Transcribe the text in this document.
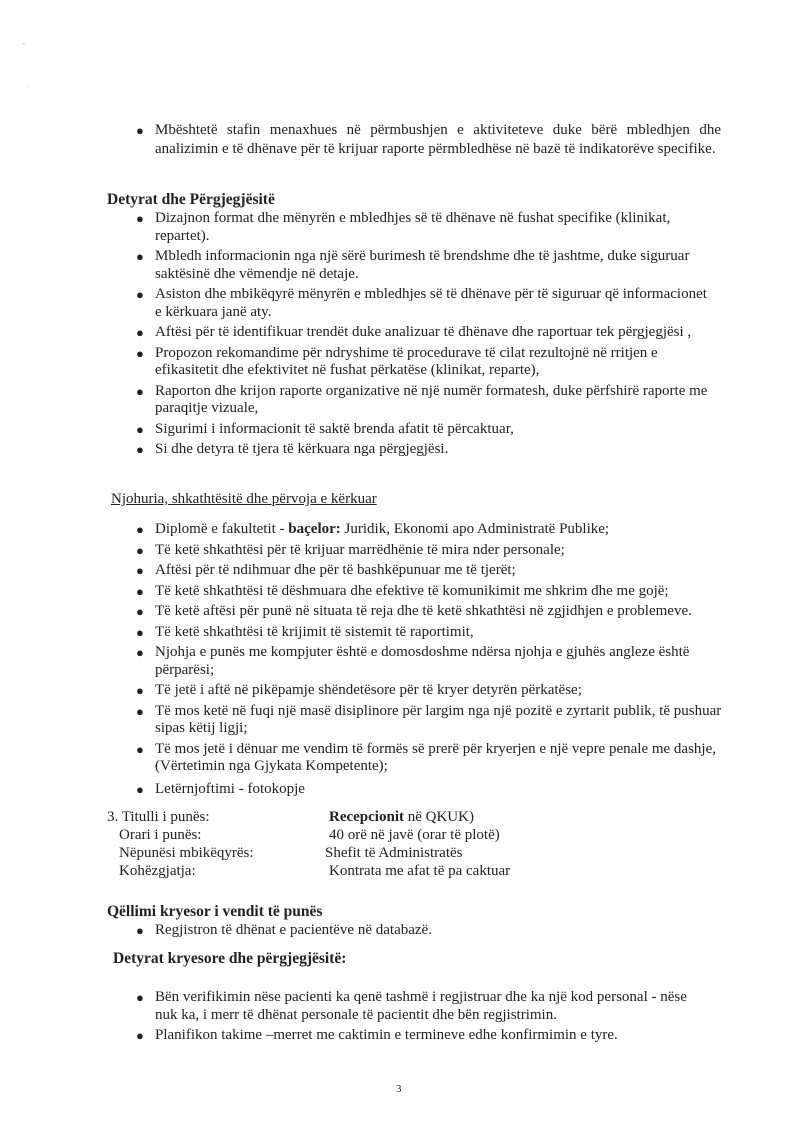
-
˙
● Mbështetë stafin menaxhues në përmbushjen e aktiviteteve duke bërë mbledhjen dhe analizimin e të dhënave për të krijuar raporte përmbledhëse në bazë të indikatorëve specifike.
Detyrat dhe Përgjegjësitë
● Dizajnon format dhe mënyrën e mbledhjes së të dhënave në fushat specifike (klinikat, repartet).
● Mbledh informacionin nga një sërë burimesh të brendshme dhe të jashtme, duke siguruar saktësinë dhe vëmendje në detaje.
● Asiston dhe mbikëqyrë mënyrën e mbledhjes së të dhënave për të siguruar që informacionet e kërkuara janë aty.
● Aftësi për të identifikuar trendët duke analizuar të dhënave dhe raportuar tek përgjegjësi ,
● Propozon rekomandime për ndryshime të procedurave të cilat rezultojnë në rritjen e efikasitetit dhe efektivitet në fushat përkatëse (klinikat, reparte),
● Raporton dhe krijon raporte organizative në një numër formatesh, duke përfshirë raporte me paraqitje vizuale,
● Sigurimi i informacionit të saktë brenda afatit të përcaktuar,
● Si dhe detyra të tjera të kërkuara nga përgjegjësi.
Njohuria, shkathtësitë dhe përvoja e kërkuar
● Diplomë e fakultetit - baçelor: Juridik, Ekonomi apo Administratë Publike;
● Të ketë shkathtësi për të krijuar marrëdhënie të mira nder personale;
● Aftësi për të ndihmuar dhe për të bashkëpunuar me të tjerët;
● Të ketë shkathtësi të dëshmuara dhe efektive të komunikimit me shkrim dhe me gojë;
● Të ketë aftësi për punë në situata të reja dhe të ketë shkathtësi në zgjidhjen e problemeve.
● Të ketë shkathtësi të krijimit të sistemit të raportimit,
● Njohja e punës me kompjuter është e domosdoshme ndërsa njohja e gjuhës angleze është përparësi;
● Të jetë i aftë në pikëpamje shëndetësore për të kryer detyrën përkatëse;
● Të mos ketë në fuqi një masë disiplinore për largim nga një pozitë e zyrtarit publik, të pushuar sipas këtij ligji;
● Të mos jetë i dënuar me vendim të formës së prerë për kryerjen e një vepre penale me dashje, (Vërtetimin nga Gjykata Kompetente);
● Letërnjoftimi - fotokopje
3. Titulli i punës:	Recepcionit në QKUK)
Orari i punës:	40 orë në javë (orar të plotë)
Nëpunësi mbikëqyrës:	Shefit të Administratës
Kohëzgjatja:	Kontrata me afat të pa caktuar
Qëllimi kryesor i vendit të punës
● Regjistron të dhënat e pacientëve në databazë.
Detyrat kryesore dhe përgjegjësitë:
● Bën verifikimin nëse pacienti ka qenë tashmë i regjistruar dhe ka një kod personal - nëse nuk ka, i merr të dhënat personale të pacientit dhe bën regjistrimin.
● Planifikon takime –merret me caktimin e termineve edhe konfirmimin e tyre.
3
